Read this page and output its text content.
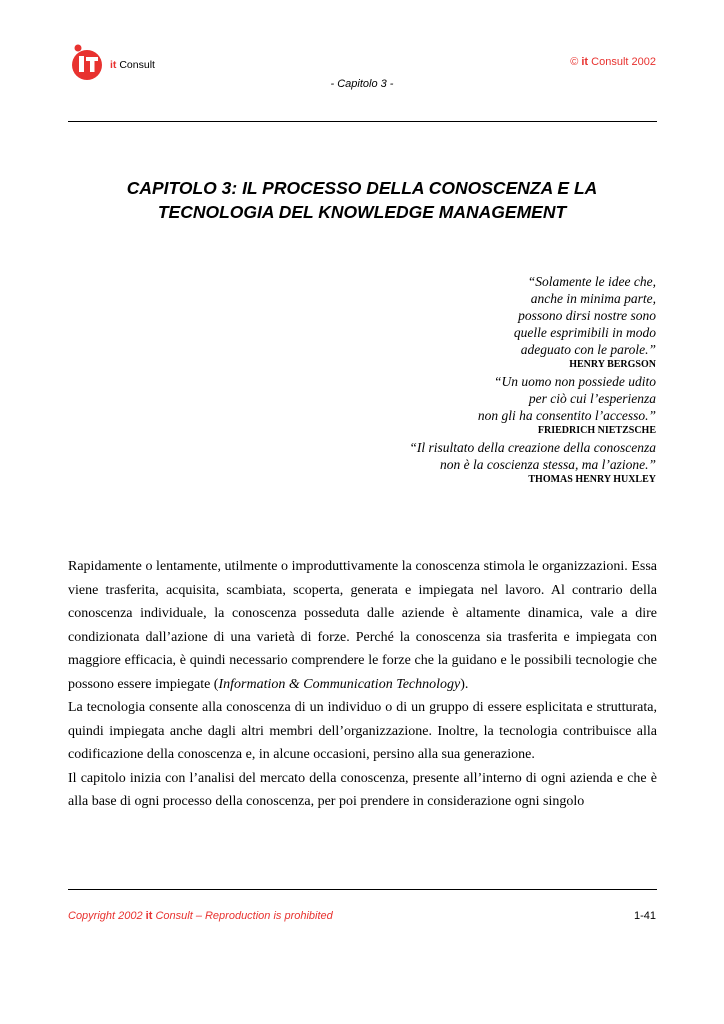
it Consult	© it Consult 2002
- Capitolo 3 -
CAPITOLO 3: IL PROCESSO DELLA CONOSCENZA E LA
TECNOLOGIA DEL KNOWLEDGE MANAGEMENT
“Solamente le idee che,
anche in minima parte,
possono dirsi nostre sono
quelle esprimibili in modo
adeguato con le parole.”
HENRY BERGSON
“Un uomo non possiede udito
per ciò cui l’esperienza
non gli ha consentito l’accesso.”
FRIEDRICH NIETZSCHE
“Il risultato della creazione della conoscenza
non è la coscienza stessa, ma l’azione.”
THOMAS HENRY HUXLEY

Rapidamente o lentamente, utilmente o improduttivamente la conoscenza stimola le organizzazioni. Essa viene trasferita, acquisita, scambiata, scoperta, generata e impiegata nel lavoro. Al contrario della conoscenza individuale, la conoscenza posseduta dalle aziende è altamente dinamica, vale a dire condizionata dall’azione di una varietà di forze. Perché la conoscenza sia trasferita e impiegata con maggiore efficacia, è quindi necessario comprendere le forze che la guidano e le possibili tecnologie che possono essere impiegate (Information & Communication Technology).

La tecnologia consente alla conoscenza di un individuo o di un gruppo di essere esplicitata e strutturata, quindi impiegata anche dagli altri membri dell’organizzazione. Inoltre, la tecnologia contribuisce alla codificazione della conoscenza e, in alcune occasioni, persino alla sua generazione.

Il capitolo inizia con l’analisi del mercato della conoscenza, presente all’interno di ogni azienda e che è alla base di ogni processo della conoscenza, per poi prendere in considerazione ogni singolo

Copyright 2002 it Consult – Reproduction is prohibited	1-41
